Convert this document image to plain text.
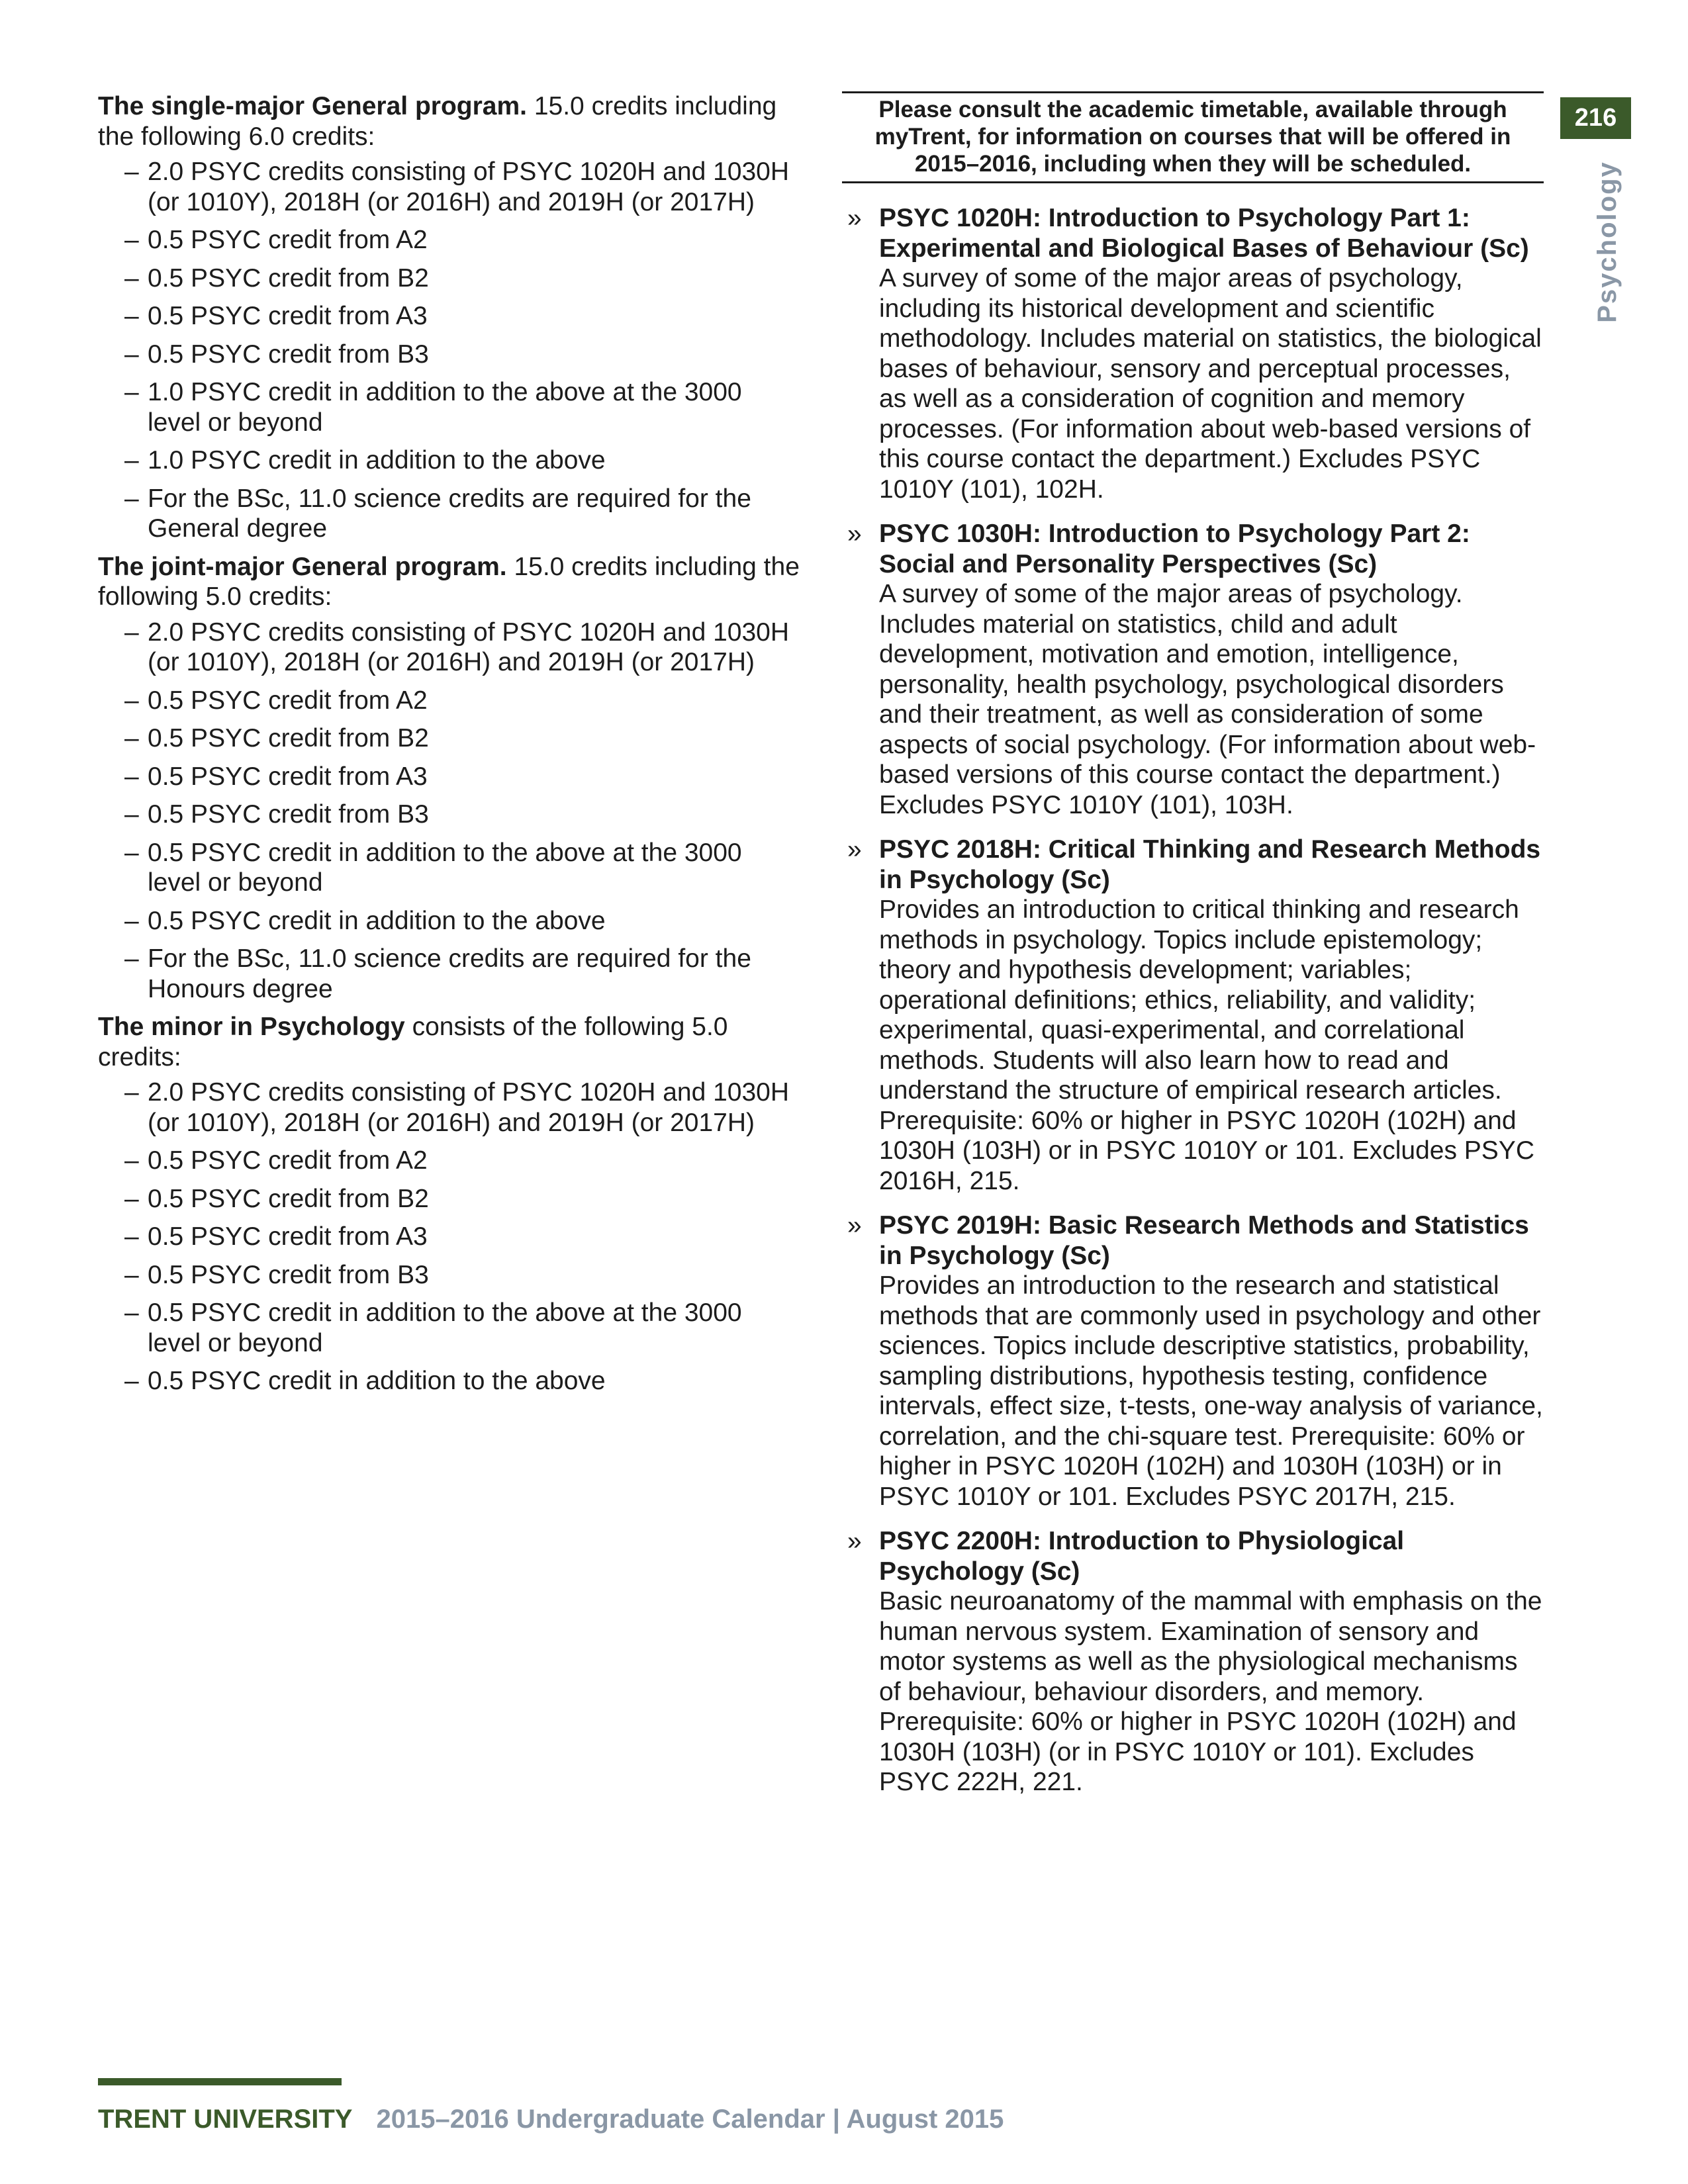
The single-major General program. 15.0 credits including the following 6.0 credits:

– 2.0 PSYC credits consisting of PSYC 1020H and 1030H (or 1010Y), 2018H (or 2016H) and 2019H (or 2017H)
– 0.5 PSYC credit from A2
– 0.5 PSYC credit from B2
– 0.5 PSYC credit from A3
– 0.5 PSYC credit from B3
– 1.0 PSYC credit in addition to the above at the 3000 level or beyond
– 1.0 PSYC credit in addition to the above
– For the BSc, 11.0 science credits are required for the General degree

The joint-major General program. 15.0 credits including the following 5.0 credits:

– 2.0 PSYC credits consisting of PSYC 1020H and 1030H (or 1010Y), 2018H (or 2016H) and 2019H (or 2017H)
– 0.5 PSYC credit from A2
– 0.5 PSYC credit from B2
– 0.5 PSYC credit from A3
– 0.5 PSYC credit from B3
– 0.5 PSYC credit in addition to the above at the 3000 level or beyond
– 0.5 PSYC credit in addition to the above
– For the BSc, 11.0 science credits are required for the Honours degree

The minor in Psychology consists of the following 5.0 credits:

– 2.0 PSYC credits consisting of PSYC 1020H and 1030H (or 1010Y), 2018H (or 2016H) and 2019H (or 2017H)
– 0.5 PSYC credit from A2
– 0.5 PSYC credit from B2
– 0.5 PSYC credit from A3
– 0.5 PSYC credit from B3
– 0.5 PSYC credit in addition to the above at the 3000 level or beyond
– 0.5 PSYC credit in addition to the above
Please consult the academic timetable, available through myTrent, for information on courses that will be offered in 2015–2016, including when they will be scheduled.
» PSYC 1020H: Introduction to Psychology Part 1: Experimental and Biological Bases of Behaviour (Sc)
A survey of some of the major areas of psychology, including its historical development and scientific methodology. Includes material on statistics, the biological bases of behaviour, sensory and perceptual processes, as well as a consideration of cognition and memory processes. (For information about web-based versions of this course contact the department.) Excludes PSYC 1010Y (101), 102H.
» PSYC 1030H: Introduction to Psychology Part 2: Social and Personality Perspectives (Sc)
A survey of some of the major areas of psychology. Includes material on statistics, child and adult development, motivation and emotion, intelligence, personality, health psychology, psychological disorders and their treatment, as well as consideration of some aspects of social psychology. (For information about web-based versions of this course contact the department.) Excludes PSYC 1010Y (101), 103H.
» PSYC 2018H: Critical Thinking and Research Methods in Psychology (Sc)
Provides an introduction to critical thinking and research methods in psychology. Topics include epistemology; theory and hypothesis development; variables; operational definitions; ethics, reliability, and validity; experimental, quasi-experimental, and correlational methods. Students will also learn how to read and understand the structure of empirical research articles. Prerequisite: 60% or higher in PSYC 1020H (102H) and 1030H (103H) or in PSYC 1010Y or 101. Excludes PSYC 2016H, 215.
» PSYC 2019H: Basic Research Methods and Statistics in Psychology (Sc)
Provides an introduction to the research and statistical methods that are commonly used in psychology and other sciences. Topics include descriptive statistics, probability, sampling distributions, hypothesis testing, confidence intervals, effect size, t-tests, one-way analysis of variance, correlation, and the chi-square test. Prerequisite: 60% or higher in PSYC 1020H (102H) and 1030H (103H) or in PSYC 1010Y or 101. Excludes PSYC 2017H, 215.
» PSYC 2200H: Introduction to Physiological Psychology (Sc)
Basic neuroanatomy of the mammal with emphasis on the human nervous system. Examination of sensory and motor systems as well as the physiological mechanisms of behaviour, behaviour disorders, and memory. Prerequisite: 60% or higher in PSYC 1020H (102H) and 1030H (103H) (or in PSYC 1010Y or 101). Excludes PSYC 222H, 221.
216
Psychology
TRENT UNIVERSITY 2015–2016 Undergraduate Calendar | August 2015
